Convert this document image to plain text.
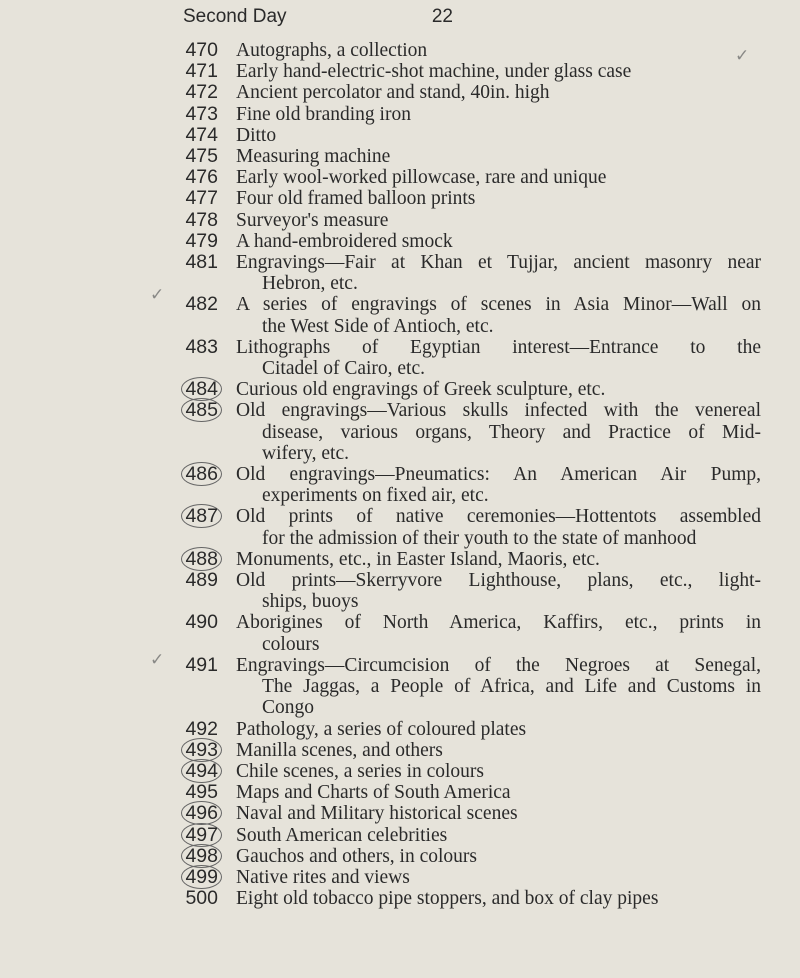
Second Day	22
470 Autographs, a collection
471 Early hand-electric-shot machine, under glass case
472 Ancient percolator and stand, 40in. high
473 Fine old branding iron
474 Ditto
475 Measuring machine
476 Early wool-worked pillowcase, rare and unique
477 Four old framed balloon prints
478 Surveyor's measure
479 A hand-embroidered smock
481 Engravings—Fair at Khan et Tujjar, ancient masonry near
Hebron, etc.
482 A series of engravings of scenes in Asia Minor—Wall on
the West Side of Antioch, etc.
483 Lithographs of Egyptian interest—Entrance to the
Citadel of Cairo, etc.
484 Curious old engravings of Greek sculpture, etc.
485 Old engravings—Various skulls infected with the venereal
disease, various organs, Theory and Practice of Mid-
wifery, etc.
486 Old engravings—Pneumatics: An American Air Pump,
experiments on fixed air, etc.
487 Old prints of native ceremonies—Hottentots assembled
for the admission of their youth to the state of manhood
488 Monuments, etc., in Easter Island, Maoris, etc.
489 Old prints—Skerryvore Lighthouse, plans, etc., light-
ships, buoys
490 Aborigines of North America, Kaffirs, etc., prints in
colours
491 Engravings—Circumcision of the Negroes at Senegal,
The Jaggas, a People of Africa, and Life and Customs in
Congo
492 Pathology, a series of coloured plates
493 Manilla scenes, and others
494 Chile scenes, a series in colours
495 Maps and Charts of South America
496 Naval and Military historical scenes
497 South American celebrities
498 Gauchos and others, in colours
499 Native rites and views
500 Eight old tobacco pipe stoppers, and box of clay pipes
✓
✓
✓
